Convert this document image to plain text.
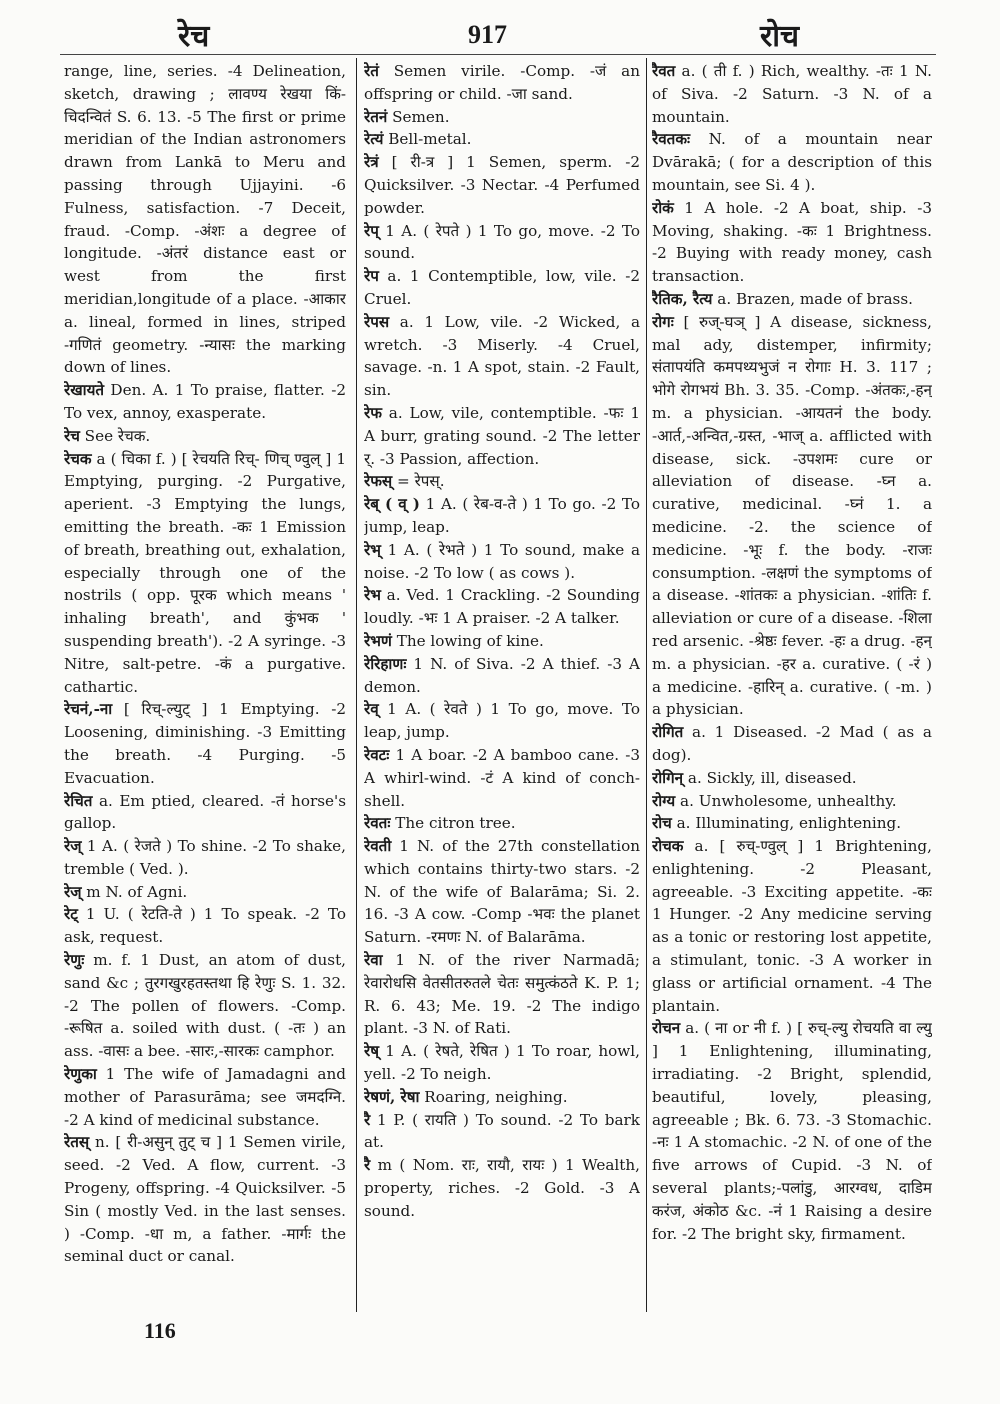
रेच	917	रोच

range, line, series. -4 Delineation, sketch, drawing ; लावण्य रेखया किं- चिदन्वितं S. 6. 13. -5 The first or prime meridian of the Indian astronomers drawn from Lankā to Meru and passing through Ujjayini. -6 Fulness, satisfaction. -7 Deceit, fraud. -Comp. -अंशः a degree of longitude. -अंतरं distance east or west from the first meridian,longitude of a place. -आकार a. lineal, formed in lines, striped -गणितं geometry. -न्यासः the marking down of lines.

रेखायते Den. A. 1 To praise, flatter. -2 To vex, annoy, exasperate.

रेच See रेचक.

रेचक a ( चिका f. ) [ रेचयति रिच्- णिच् ण्वुल् ] 1 Emptying, purging. -2 Purgative, aperient. -3 Emptying the lungs, emitting the breath. -कः 1 Emission of breath, breathing out, exhalation, especially through one of the nostrils ( opp. पूरक which means ' inhaling breath', and कुंभक ' suspending breath'). -2 A syringe. -3 Nitre, salt-petre. -कं a purgative. cathartic.

रेचनं,-ना [ रिच्-ल्युट् ] 1 Emptying. -2 Loosening, diminishing. -3 Emitting the breath. -4 Purging. -5 Evacuation.

रेचित a. Em ptied, cleared. -तं horse's gallop.

रेज् 1 A. ( रेजते ) To shine. -2 To shake, tremble ( Ved. ).

रेज् m N. of Agni.

रेट् 1 U. ( रेटति-ते ) 1 To speak. -2 To ask, request.

रेणुः m. f. 1 Dust, an atom of dust, sand &c ; तुरगखुरहतस्तथा हि रेणुः S. 1. 32. -2 The pollen of flowers. -Comp. -रूषित a. soiled with dust. ( -तः ) an ass. -वासः a bee. -सारः,-सारकः camphor.

रेणुका 1 The wife of Jamadagni and mother of Parasurāma; see जमदग्नि. -2 A kind of medicinal substance.

रेतस् n. [ री-असुन् तुट् च ] 1 Semen virile, seed. -2 Ved. A flow, current. -3 Progeny, offspring. -4 Quicksilver. -5 Sin ( mostly Ved. in the last senses. ) -Comp. -धा m, a father. -मार्गः the seminal duct or canal.

रेतं Semen virile. -Comp. -जं an offspring or child. -जा sand.

रेतनं Semen.

रेत्यं Bell-metal.

रेत्रं [ री-त्र ] 1 Semen, sperm. -2 Quicksilver. -3 Nectar. -4 Perfumed powder.

रेप् 1 A. ( रेपते ) 1 To go, move. -2 To sound.

रेप a. 1 Contemptible, low, vile. -2 Cruel.

रेपस a. 1 Low, vile. -2 Wicked, a wretch. -3 Miserly. -4 Cruel, savage. -n. 1 A spot, stain. -2 Fault, sin.

रेफ a. Low, vile, contemptible. -फः 1 A burr, grating sound. -2 The letter र्. -3 Passion, affection.

रेफस् = रेपस्.

रेब् ( व् ) 1 A. ( रेब-व-ते ) 1 To go. -2 To jump, leap.

रेभ् 1 A. ( रेभते ) 1 To sound, make a noise. -2 To low ( as cows ).

रेभ a. Ved. 1 Crackling. -2 Sounding loudly. -भः 1 A praiser. -2 A talker.

रेभणं The lowing of kine.

रेरिहाणः 1 N. of Siva. -2 A thief. -3 A demon.

रेव् 1 A. ( रेवते ) 1 To go, move. To leap, jump.

रेवटः 1 A boar. -2 A bamboo cane. -3 A whirl-wind. -टं A kind of conch-shell.

रेवतः The citron tree.

रेवती 1 N. of the 27th constellation which contains thirty-two stars. -2 N. of the wife of Balarāma; Si. 2. 16. -3 A cow. -Comp -भवः the planet Saturn. -रमणः N. of Balarāma.

रेवा 1 N. of the river Narmadā; रेवारोधसि वेतसीतरुतले चेतः समुत्कंठते K. P. 1; R. 6. 43; Me. 19. -2 The indigo plant. -3 N. of Rati.

रेष् 1 A. ( रेषते, रेषित ) 1 To roar, howl, yell. -2 To neigh.

रेषणं, रेषा Roaring, neighing.

रै 1 P. ( रायति ) To sound. -2 To bark at.

रै m ( Nom. राः, रायौ, रायः ) 1 Wealth, property, riches. -2 Gold. -3 A sound.

रैवत a. ( ती f. ) Rich, wealthy. -तः 1 N. of Siva. -2 Saturn. -3 N. of a mountain.

रैवतकः N. of a mountain near Dvārakā; ( for a description of this mountain, see Si. 4 ).

रोकं 1 A hole. -2 A boat, ship. -3 Moving, shaking. -कः 1 Brightness. -2 Buying with ready money, cash transaction.

रैतिक, रैत्य a. Brazen, made of brass.

रोगः [ रुज्-घञ् ] A disease, sickness, mal ady, distemper, infirmity; संतापयंति कमपथ्यभुजं न रोगाः H. 3. 117 ; भोगे रोगभयं Bh. 3. 35. -Comp. -अंतकः,-हन् m. a physician. -आयतनं the body. -आर्त,-अन्वित,-ग्रस्त, -भाज् a. afflicted with disease, sick. -उपशमः cure or alleviation of disease. -घ्न a. curative, medicinal. -घ्नं 1. a medicine. -2. the science of medicine. -भूः f. the body. -राजः consumption. -लक्षणं the symptoms of a disease. -शांतकः a physician. -शांतिः f. alleviation or cure of a disease. -शिला red arsenic. -श्रेष्ठः fever. -हः a drug. -हन् m. a physician. -हर a. curative. ( -रं ) a medicine. -हारिन् a. curative. ( -m. ) a physician.

रोगित a. 1 Diseased. -2 Mad ( as a dog).

रोगिन् a. Sickly, ill, diseased.

रोग्य a. Unwholesome, unhealthy.

रोच a. Illuminating, enlightening.

रोचक a. [ रुच्-ण्वुल् ] 1 Brightening, enlightening. -2 Pleasant, agreeable. -3 Exciting appetite. -कः 1 Hunger. -2 Any medicine serving as a tonic or restoring lost appetite, a stimulant, tonic. -3 A worker in glass or artificial ornament. -4 The plantain.

रोचन a. ( ना or नी f. ) [ रुच्-ल्यु रोचयति वा ल्यु ] 1 Enlightening, illuminating, irradiating. -2 Bright, splendid, beautiful, lovely, pleasing, agreeable ; Bk. 6. 73. -3 Stomachic. -नः 1 A stomachic. -2 N. of one of the five arrows of Cupid. -3 N. of several plants;-पलांडु, आरग्वध, दाडिम करंज, अंकोठ &c. -नं 1 Raising a desire for. -2 The bright sky, firmament.

116
